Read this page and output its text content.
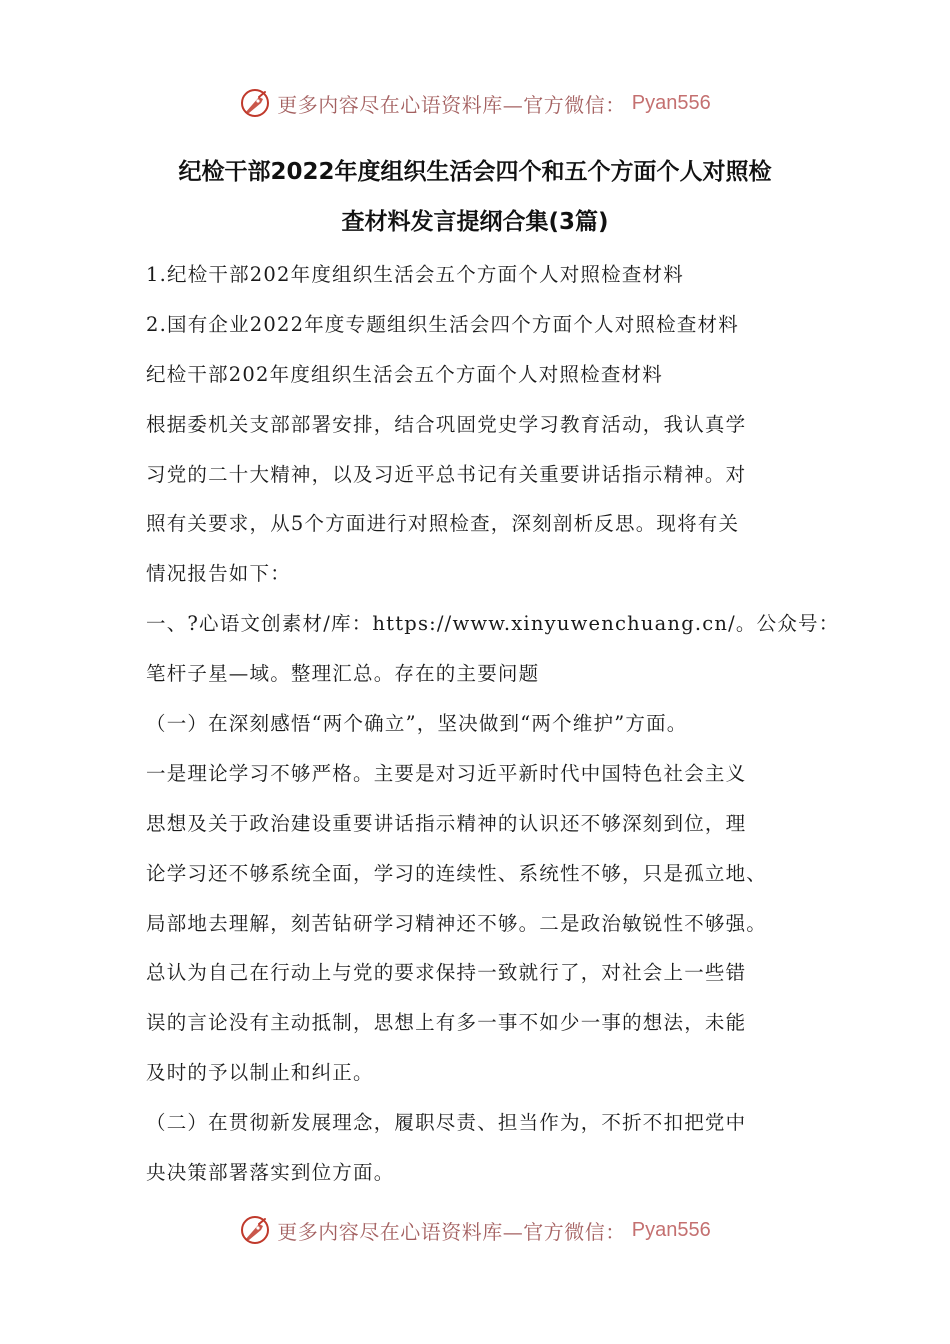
更多内容尽在心语资料库—官方微信： Pyan556
纪检干部2022年度组织生活会四个和五个方面个人对照检
查材料发言提纲合集(3篇)
1.纪检干部202年度组织生活会五个方面个人对照检查材料
2.国有企业2022年度专题组织生活会四个方面个人对照检查材料
纪检干部202年度组织生活会五个方面个人对照检查材料
根据委机关支部部署安排，结合巩固党史学习教育活动，我认真学
习党的二十大精神，以及习近平总书记有关重要讲话指示精神。对
照有关要求，从5个方面进行对照检查，深刻剖析反思。现将有关
情况报告如下：
一、?心语文创素材/库：https://www.xinyuwenchuang.cn/。公众号：
笔杆子星—域。整理汇总。存在的主要问题
（一）在深刻感悟“两个确立”，坚决做到“两个维护”方面。
一是理论学习不够严格。主要是对习近平新时代中国特色社会主义
思想及关于政治建设重要讲话指示精神的认识还不够深刻到位，理
论学习还不够系统全面，学习的连续性、系统性不够，只是孤立地、
局部地去理解，刻苦钻研学习精神还不够。二是政治敏锐性不够强。
总认为自己在行动上与党的要求保持一致就行了，对社会上一些错
误的言论没有主动抵制，思想上有多一事不如少一事的想法，未能
及时的予以制止和纠正。
（二）在贯彻新发展理念，履职尽责、担当作为，不折不扣把党中
央决策部署落实到位方面。
更多内容尽在心语资料库—官方微信： Pyan556
